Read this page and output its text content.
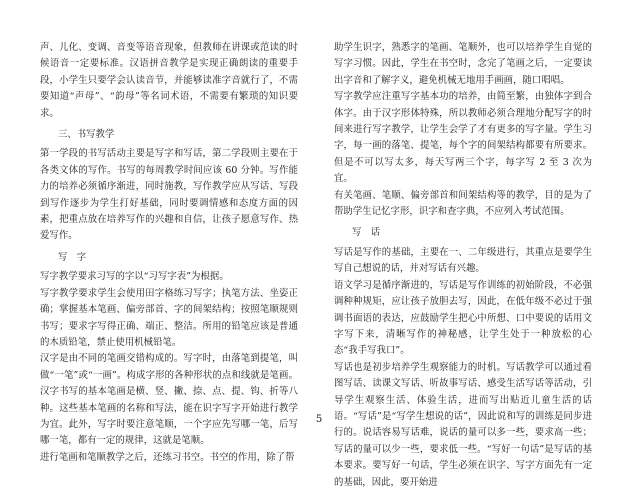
声、儿化、变调、音变等语音现象，但教师在讲课或范读的时候语音一定要标准。汉语拼音教学是实现正确朗读的重要手段，小学生只要学会认读音节，并能够读准字音就行了，不需要知道“声母”、“韵母”等名词术语，不需要有繁琐的知识要求。

三、书写教学

第一学段的书写活动主要是写字和写话，第二学段则主要在于各类文体的写作。书写的每周教学时间应该 60 分钟。写作能力的培养必须循序渐进，同时施教，写作教学应从写话、写段到写作逐步为学生打好基础，同时要调情感和态度方面的因素，把重点放在培养写作的兴趣和自信，让孩子愿意写作、热爱写作。

写　字

写字教学要求习写的字以“习写字表”为根据。

写字教学要求学生会使用田字格练习写字；执笔方法、坐姿正确；掌握基本笔画、偏旁部首、字的间架结构；按照笔顺规则书写；要求字写得正确、端正、整洁。所用的铅笔应该是普通的木质铅笔，禁止使用机械铅笔。

汉字是由不同的笔画交错构成的。写字时，由落笔到提笔，叫做“一笔”或“一画”。构成字形的各种形状的点和线就是笔画。汉字书写的基本笔画是横、竖、撇、捺、点、提、钩、折等八种。这些基本笔画的名称和写法，能在识字写字开始进行教学为宜。此外，写字时要注意笔顺，一个字应先写哪一笔，后写哪一笔，都有一定的规律，这就是笔顺。

进行笔画和笔顺教学之后，还练习书空。书空的作用，除了帮

助学生识字，熟悉字的笔画、笔顺外，也可以培养学生自觉的写字习惯。因此，学生在书空时，念完了笔画之后，一定要读出字音和了解字义，避免机械无地用手画画，随口唱唱。

写字教学应注重写字基本功的培养，由简至繁，由独体字到合体字。由于汉字形体特殊，所以教师必须合理地分配写字的时间来进行写字教学，让学生会学了才有更多的写字量。学生习字，每一画的落笔、提笔，每个字的间架结构都要有所要求。但是不可以写太多，每天写两三个字，每字写 2 至 3 次为宜。

有关笔画、笔顺、偏旁部首和间架结构等的教学，目的是为了帮助学生记忆字形，识字和查字典，不应列入考试范围。

写　话

写话是写作的基础，主要在一、二年级进行，其重点是要学生写自己想说的话，并对写话有兴趣。

语文学习是循序渐进的，写话是写作训练的初始阶段，不必强调种种规矩，应让孩子放胆去写，因此，在低年级不必过于强调书面语的表达，应鼓励学生把心中所想、口中要说的话用文字写下来，清晰写作的神秘感，让学生处于一种放松的心态“我手写我口”。

写话也是初步培养学生观察能力的时机。写话教学可以通过看图写话、读课文写话、听故事写话、感受生活写话等活动，引导学生观察生活、体验生活，进而写出贴近儿童生活的话语。“写话”是“写学生想说的话”，因此说和写的训练是同步进行的。说话容易写话难，说话的量可以多一些，要求高一些；写话的量可以少一些，要求低一些。“写好一句话”是写话的基本要求。要写好一句话，学生必须在识字、写字方面先有一定的基础，因此，要开始进

5
